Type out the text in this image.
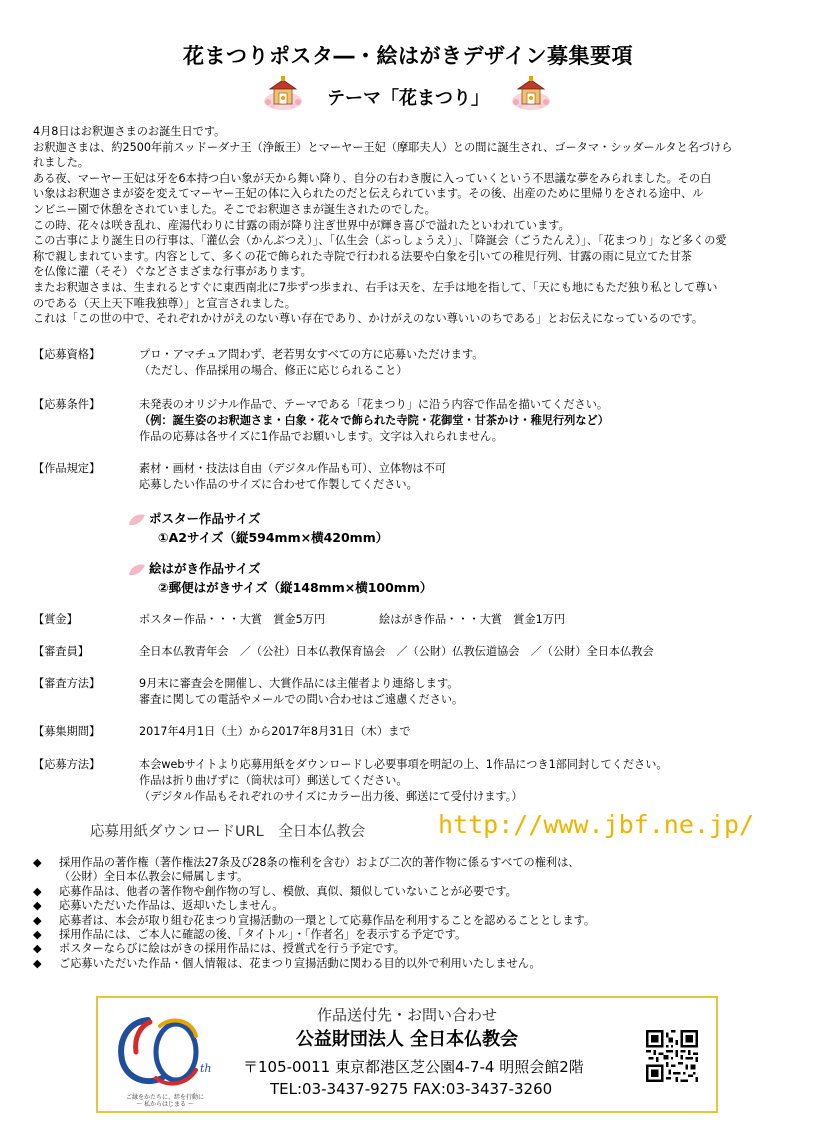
花まつりポスタ―・絵はがきデザイン募集要項
テーマ「花まつり」

4月8日はお釈迦さまのお誕生日です。

お釈迦さまは、約2500年前スッドーダナ王（浄飯王）とマーヤー王妃（摩耶夫人）との間に誕生され、ゴータマ・シッダールタと名づけら

れました。

ある夜、マーヤー王妃は牙を6本持つ白い象が天から舞い降り、自分の右わき腹に入っていくという不思議な夢をみられました。その白

い象はお釈迦さまが姿を変えてマーヤー王妃の体に入られたのだと伝えられています。その後、出産のために里帰りをされる途中、ル

ンビニー園で休憩をされていました。そこでお釈迦さまが誕生されたのでした。

この時、花々は咲き乱れ、産湯代わりに甘露の雨が降り注ぎ世界中が輝き喜びで溢れたといわれています。

この古事により誕生日の行事は、「灌仏会（かんぶつえ）」、「仏生会（ぶっしょうえ）」、「降誕会（ごうたんえ）」、「花まつり」など多くの愛

称で親しまれています。内容として、多くの花で飾られた寺院で行われる法要や白象を引いての稚児行列、甘露の雨に見立てた甘茶

を仏像に灌（そそ）ぐなどさまざまな行事があります。

またお釈迦さまは、生まれるとすぐに東西南北に7歩ずつ歩まれ、右手は天を、左手は地を指して、「天にも地にもただ独り私として尊い

のである（天上天下唯我独尊）」と宣言されました。

これは「この世の中で、それぞれかけがえのない尊い存在であり、かけがえのない尊いいのちである」とお伝えになっているのです。

【応募資格】	プロ・アマチュア問わず、老若男女すべての方に応募いただけます。
（ただし、作品採用の場合、修正に応じられること）
【応募条件】	未発表のオリジナル作品で、テーマである「花まつり」に沿う内容で作品を描いてください。
（例：誕生姿のお釈迦さま・白象・花々で飾られた寺院・花御堂・甘茶かけ・稚児行列など）
作品の応募は各サイズに1作品でお願いします。文字は入れられません。
【作品規定】	素材・画材・技法は自由（デジタル作品も可）、立体物は不可
応募したい作品のサイズに合わせて作製してください。
ポスター作品サイズ
①A2サイズ（縦594mm×横420mm）
絵はがき作品サイズ
②郵便はがきサイズ（縦148mm×横100mm）
【賞金】	ポスター作品・・・大賞　賞金5万円	絵はがき作品・・・大賞　賞金1万円
【審査員】	全日本仏教青年会　／（公社）日本仏教保育協会　／（公財）仏教伝道協会　／（公財）全日本仏教会
【審査方法】	9月末に審査会を開催し、大賞作品には主催者より連絡します。
審査に関しての電話やメールでの問い合わせはご遠慮ください。
【募集期間】	2017年4月1日（土）から2017年8月31日（木）まで
【応募方法】	本会webサイトより応募用紙をダウンロードし必要事項を明記の上、1作品につき1部同封してください。
作品は折り曲げずに（筒状は可）郵送してください。
（デジタル作品もそれぞれのサイズにカラー出力後、郵送にて受付けます。）
応募用紙ダウンロードURL　全日本仏教会	http://www.jbf.ne.jp/
◆ 採用作品の著作権（著作権法27条及び28条の権利を含む）および二次的著作物に係るすべての権利は、
（公財）全日本仏教会に帰属します。
◆ 応募作品は、他者の著作物や創作物の写し、模倣、真似、類似していないことが必要です。
◆ 応募いただいた作品は、返却いたしません。
◆ 応募者は、本会が取り組む花まつり宣揚活動の一環として応募作品を利用することを認めることとします。
◆ 採用作品には、ご本人に確認の後、「タイトル」・「作者名」を表示する予定です。
◆ ポスターならびに絵はがきの採用作品には、授賞式を行う予定です。
◆ ご応募いただいた作品・個人情報は、花まつり宣揚活動に関わる目的以外で利用いたしません。
th
ご縁をかたちに、絆を行動に
～ 私からはじまる ～
作品送付先・お問い合わせ
公益財団法人 全日本仏教会
〒105-0011 東京都港区芝公園4-7-4 明照会館2階
TEL:03-3437-9275 FAX:03-3437-3260
